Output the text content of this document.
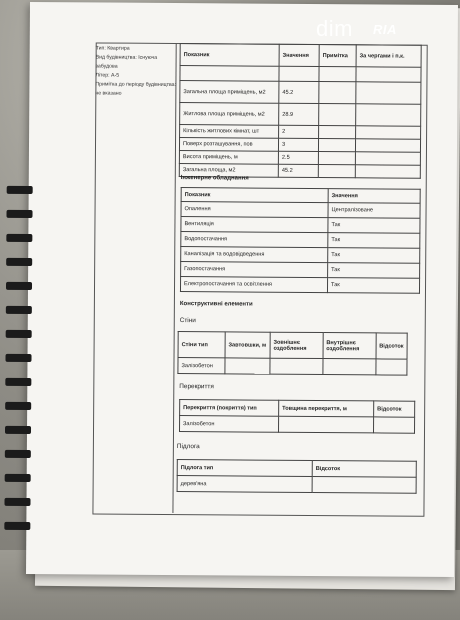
Тип: Квартира
Вид будівництва: Існуюча
забудова
Літер: А-5
Примітка до періоду будівництва:
не вказано
Показник	Значення	Примітка	За чергами і п.к.

Загальна площа приміщень, м2	45.2		
Житлова площа приміщень, м2	28.9		
Кількість житлових кімнат, шт	2		
Поверх розташування, пов	3		
Висота приміщень, м	2.5		
Загальна площа, м2	45.2		
Інженерне обладнання
Показник	Значення
Опалення	Централізоване
Вентиляція	Так
Водопостачання	Так
Каналізація та водовідведення	Так
Газопостачання	Так
Електропостачання та освітлення	Так
Конструктивні елементи
Стіни
Стіни тип	Завтовшки, м	Зовнішнє оздоблення	Внутрішнє оздоблення	Відсоток
Залізобетон				
Перекриття
Перекриття (покриття) тип	Товщина перекриття, м	Відсоток
Залізобетон		
Підлога
Підлога тип	Відсоток
дерев'яна	
dim RIA
